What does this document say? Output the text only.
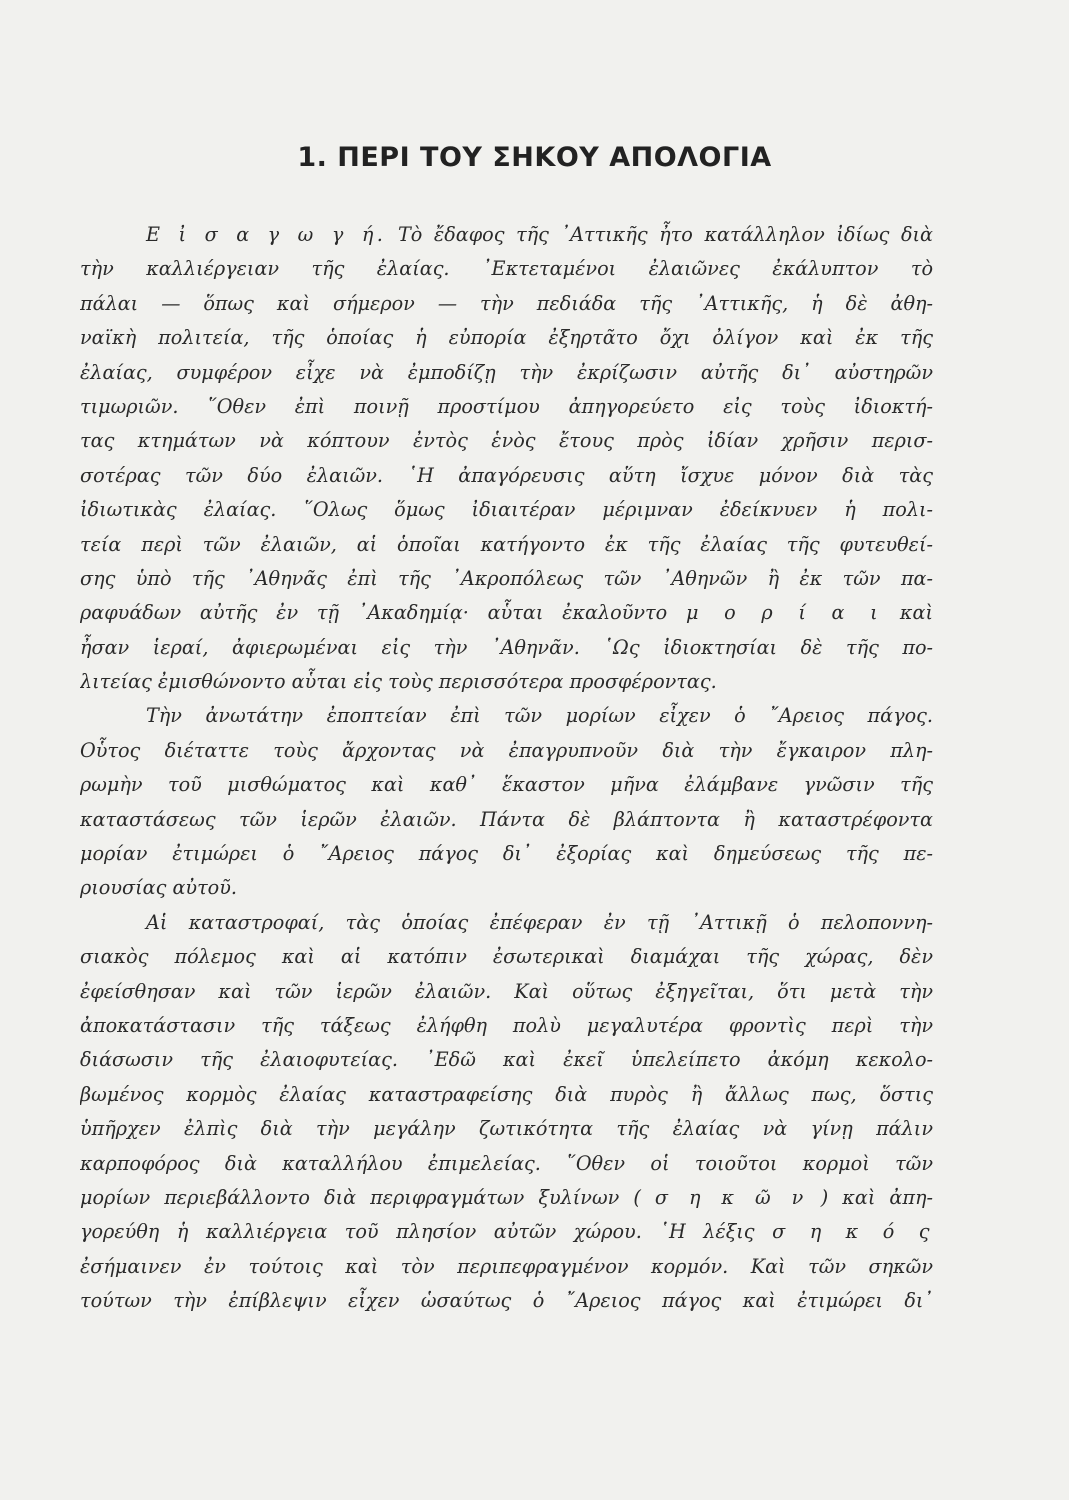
1. ΠΕΡΙ ΤΟΥ ΣΗΚΟΥ ΑΠΟΛΟΓΙΑ
Ε ἰ σ α γ ω γ ή. Τὸ ἔδαφος τῆς ᾿Αττικῆς ἦτο κατάλληλον ἰδίως διὰ
τὴν καλλιέργειαν τῆς ἐλαίας. ᾿Εκτεταμένοι ἐλαιῶνες ἐκάλυπτον τὸ
πάλαι — ὅπως καὶ σήμερον — τὴν πεδιάδα τῆς ᾿Αττικῆς, ἡ δὲ ἀθη-
ναϊκὴ πολιτεία, τῆς ὁποίας ἡ εὐπορία ἐξηρτᾶτο ὄχι ὀλίγον καὶ ἐκ τῆς
ἐλαίας, συμφέρον εἶχε νὰ ἐμποδίζῃ τὴν ἐκρίζωσιν αὐτῆς δι᾿ αὐστηρῶν
τιμωριῶν. ῞Οθεν ἐπὶ ποινῇ προστίμου ἀπηγορεύετο εἰς τοὺς ἰδιοκτή-
τας κτημάτων νὰ κόπτουν ἐντὸς ἑνὸς ἔτους πρὸς ἰδίαν χρῆσιν περισ-
σοτέρας τῶν δύο ἐλαιῶν. ῾Η ἀπαγόρευσις αὕτη ἴσχυε μόνον διὰ τὰς
ἰδιωτικὰς ἐλαίας. ῞Ολως ὅμως ἰδιαιτέραν μέριμναν ἐδείκνυεν ἡ πολι-
τεία περὶ τῶν ἐλαιῶν, αἱ ὁποῖαι κατήγοντο ἐκ τῆς ἐλαίας τῆς φυτευθεί-
σης ὑπὸ τῆς ᾿Αθηνᾶς ἐπὶ τῆς ᾿Ακροπόλεως τῶν ᾿Αθηνῶν ἢ ἐκ τῶν πα-
ραφυάδων αὐτῆς ἐν τῇ ᾿Ακαδημίᾳ· αὗται ἐκαλοῦντο μ ο ρ ί α ι καὶ
ἦσαν ἱεραί, ἀφιερωμέναι εἰς τὴν ᾿Αθηνᾶν. ῾Ως ἰδιοκτησίαι δὲ τῆς πο-
λιτείας ἐμισθώνοντο αὗται εἰς τοὺς περισσότερα προσφέροντας.
Τὴν ἀνωτάτην ἐποπτείαν ἐπὶ τῶν μορίων εἶχεν ὁ ῎Αρειος πάγος.
Οὗτος διέταττε τοὺς ἄρχοντας νὰ ἐπαγρυπνοῦν διὰ τὴν ἔγκαιρον πλη-
ρωμὴν τοῦ μισθώματος καὶ καθ᾿ ἕκαστον μῆνα ἐλάμβανε γνῶσιν τῆς
καταστάσεως τῶν ἱερῶν ἐλαιῶν. Πάντα δὲ βλάπτοντα ἢ καταστρέφοντα
μορίαν ἐτιμώρει ὁ ῎Αρειος πάγος δι᾿ ἐξορίας καὶ δημεύσεως τῆς πε-
ριουσίας αὐτοῦ.
Αἱ καταστροφαί, τὰς ὁποίας ἐπέφεραν ἐν τῇ ᾿Αττικῇ ὁ πελοποννη-
σιακὸς πόλεμος καὶ αἱ κατόπιν ἐσωτερικαὶ διαμάχαι τῆς χώρας, δὲν
ἐφείσθησαν καὶ τῶν ἱερῶν ἐλαιῶν. Καὶ οὕτως ἐξηγεῖται, ὅτι μετὰ τὴν
ἀποκατάστασιν τῆς τάξεως ἐλήφθη πολὺ μεγαλυτέρα φροντὶς περὶ τὴν
διάσωσιν τῆς ἐλαιοφυτείας. ᾿Εδῶ καὶ ἐκεῖ ὑπελείπετο ἀκόμη κεκολο-
βωμένος κορμὸς ἐλαίας καταστραφείσης διὰ πυρὸς ἢ ἄλλως πως, ὅστις
ὑπῆρχεν ἐλπὶς διὰ τὴν μεγάλην ζωτικότητα τῆς ἐλαίας νὰ γίνῃ πάλιν
καρποφόρος διὰ καταλλήλου ἐπιμελείας. ῞Οθεν οἱ τοιοῦτοι κορμοὶ τῶν
μορίων περιεβάλλοντο διὰ περιφραγμάτων ξυλίνων ( σ η κ ῶ ν ) καὶ ἀπη-
γορεύθη ἡ καλλιέργεια τοῦ πλησίον αὐτῶν χώρου. ῾Η λέξις σ η κ ό ς
ἐσήμαινεν ἐν τούτοις καὶ τὸν περιπεφραγμένον κορμόν. Καὶ τῶν σηκῶν
τούτων τὴν ἐπίβλεψιν εἶχεν ὡσαύτως ὁ ῎Αρειος πάγος καὶ ἐτιμώρει δι᾿
